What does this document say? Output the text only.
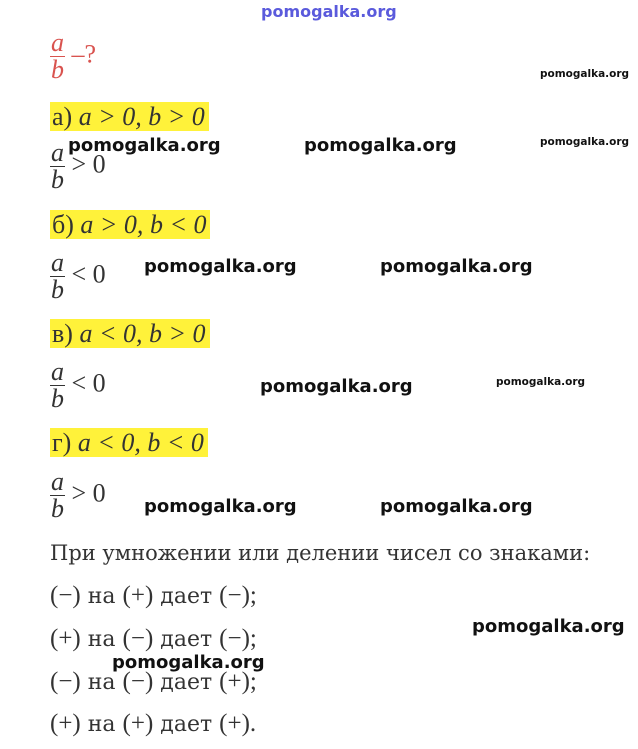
pomogalka.org
$\frac{a}{b}$ –?
а) a > 0, b > 0
$\frac{a}{b} > 0$
б) a > 0, b < 0
$\frac{a}{b} < 0$
в) a < 0, b > 0
$\frac{a}{b} < 0$
г) a < 0, b < 0
$\frac{a}{b} > 0$
При умножении или делении чисел со знаками:
(−) на (+) дает (−);
(+) на (−) дает (−);
(−) на (−) дает (+);
(+) на (+) дает (+).
pomogalka.org
pomogalka.org	pomogalka.org	pomogalka.org
pomogalka.org	pomogalka.org
pomogalka.org	pomogalka.org
pomogalka.org	pomogalka.org
pomogalka.org
pomogalka.org
